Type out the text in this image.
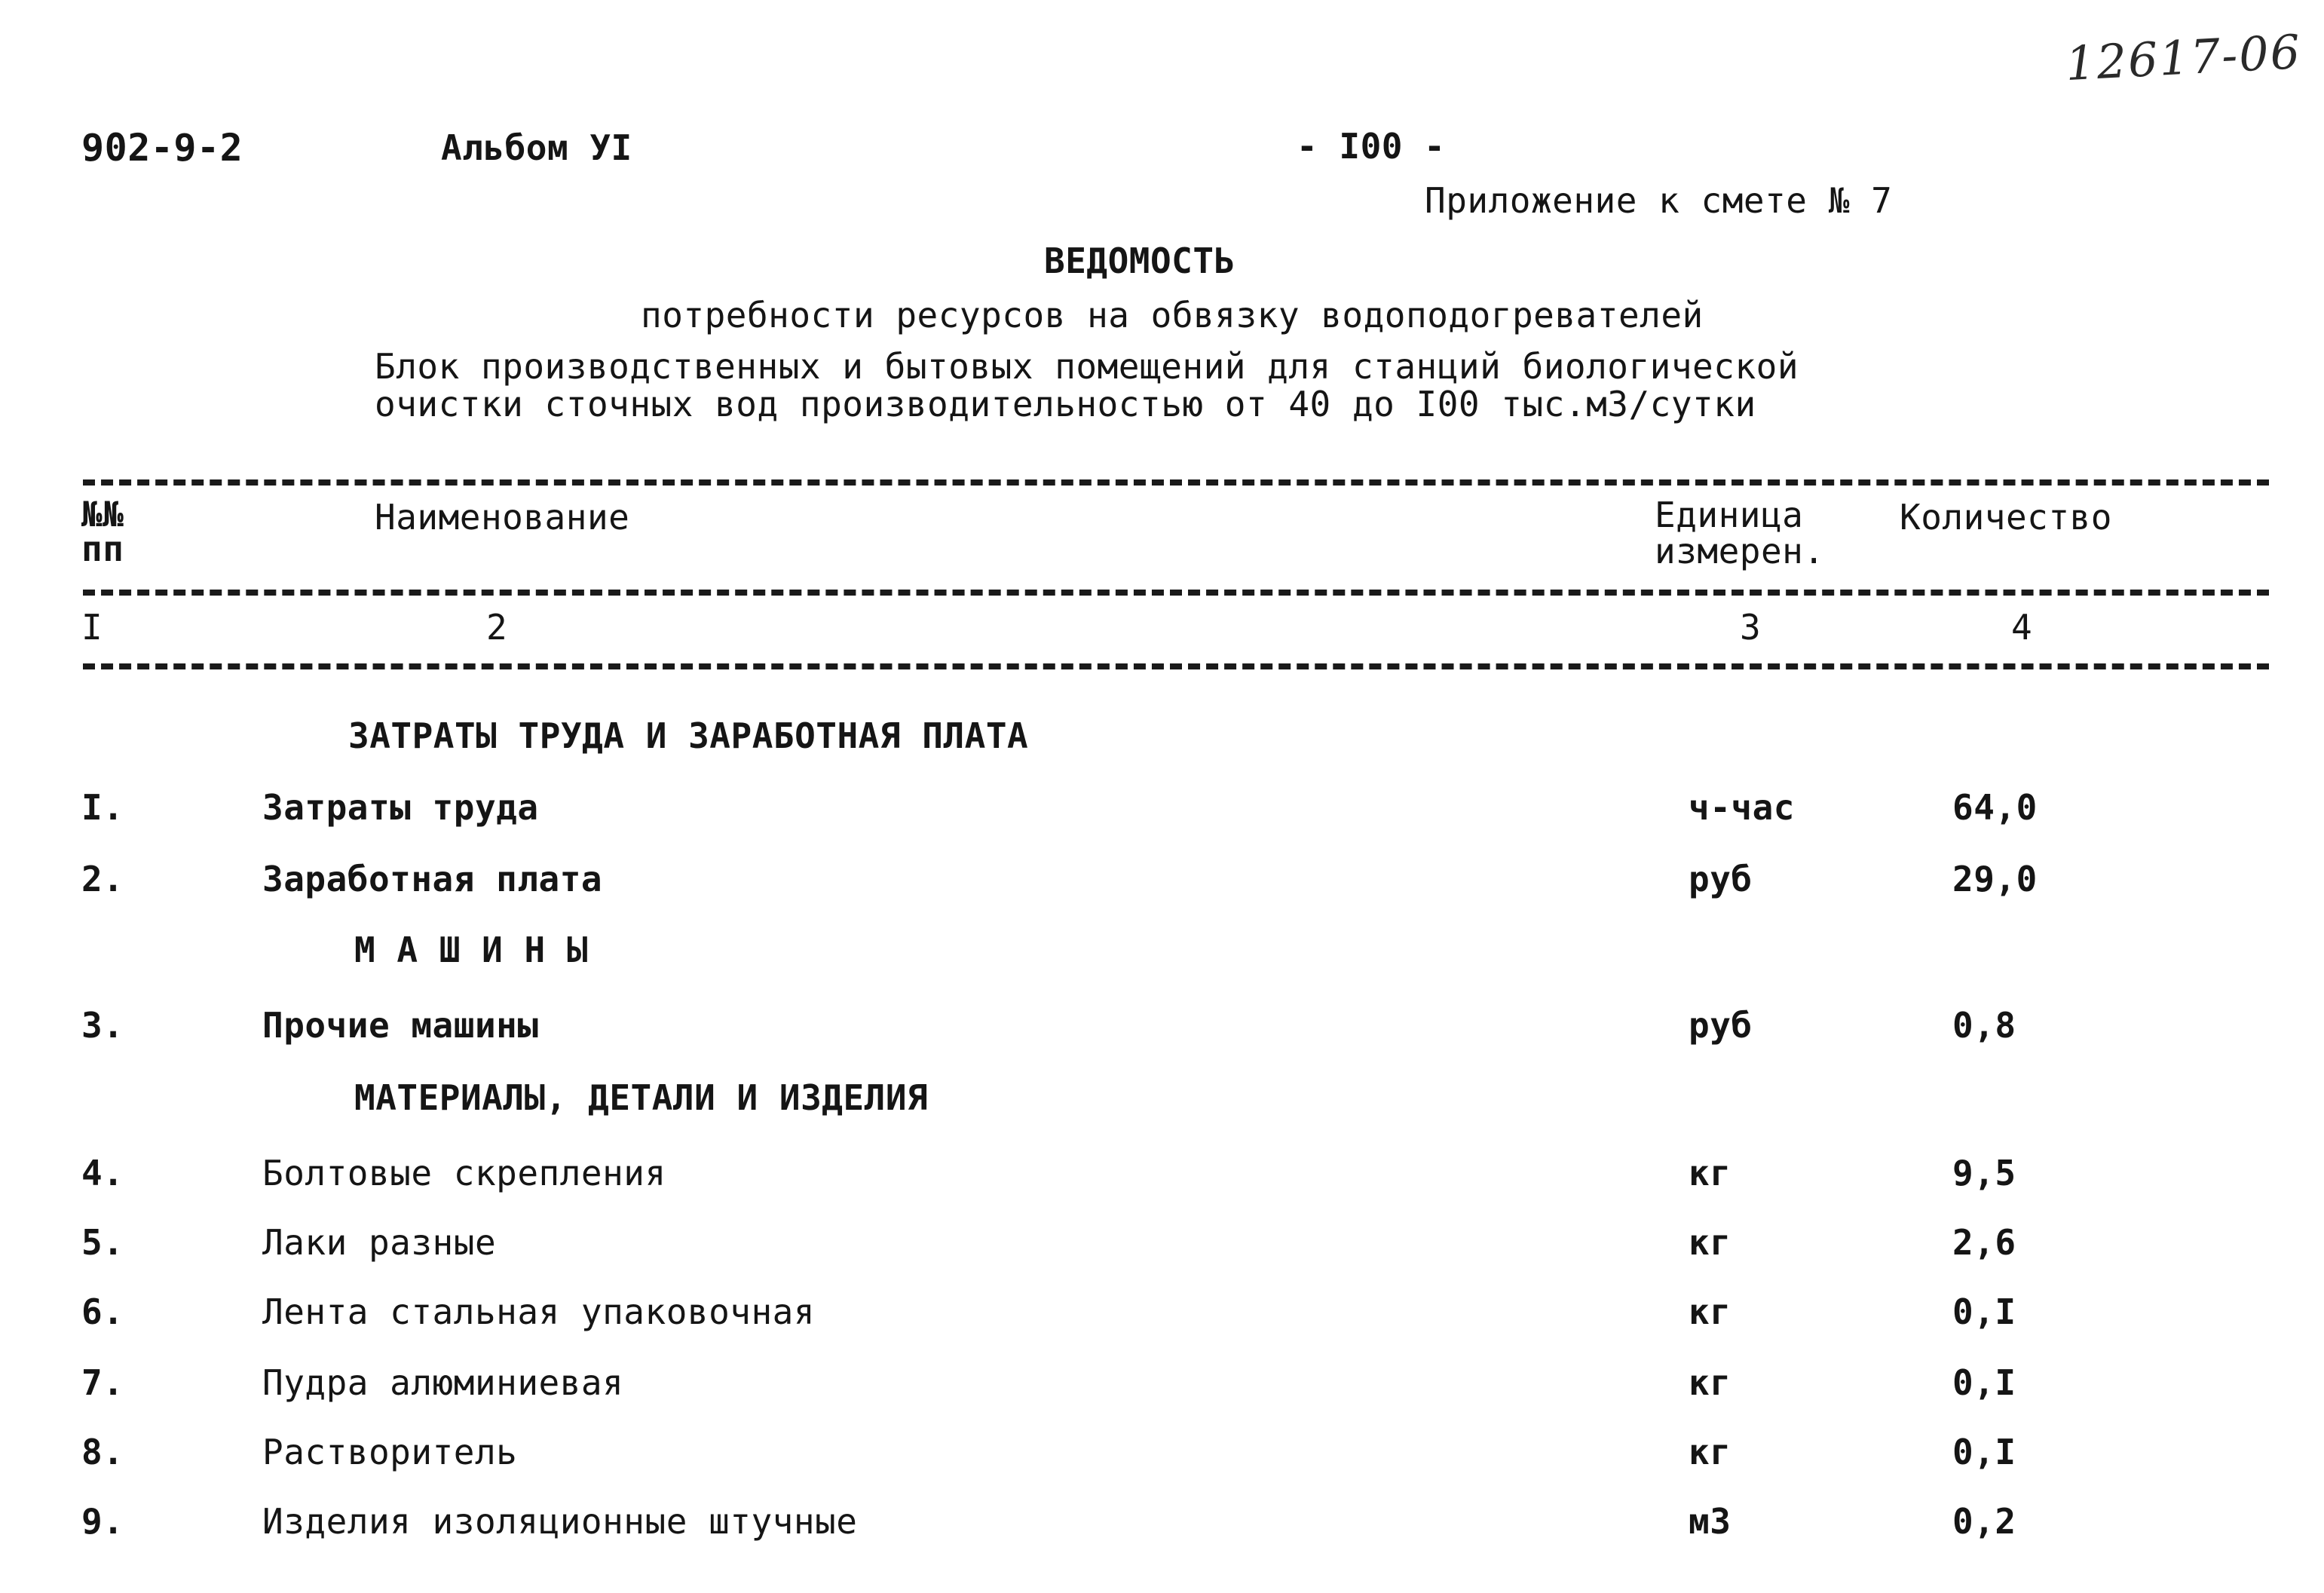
12617-06
902-9-2	Альбом УI	- I00 -
Приложение к смете № 7
ВЕДОМОСТЬ
потребности ресурсов на обвязку водоподогревателей
Блок производственных и бытовых помещений для станций биологической
очистки сточных вод производительностью от 40 до I00 тыс.м3/сутки
№№
пп
Наименование	Единица
измерен.
Количество
I	2	3	4
ЗАТРАТЫ ТРУДА И ЗАРАБОТНАЯ ПЛАТА
I.	Затраты труда	ч-час	64,0
2.	Заработная плата	руб	29,0
М А Ш И Н Ы
3.	Прочие машины	руб	0,8
МАТЕРИАЛЫ, ДЕТАЛИ И ИЗДЕЛИЯ
4.	Болтовые скрепления	кг	9,5
5.	Лаки разные	кг	2,6
6.	Лента стальная упаковочная	кг	0,I
7.	Пудра алюминиевая	кг	0,I
8.	Растворитель	кг	0,I
9.	Изделия изоляционные штучные	м3	0,2
